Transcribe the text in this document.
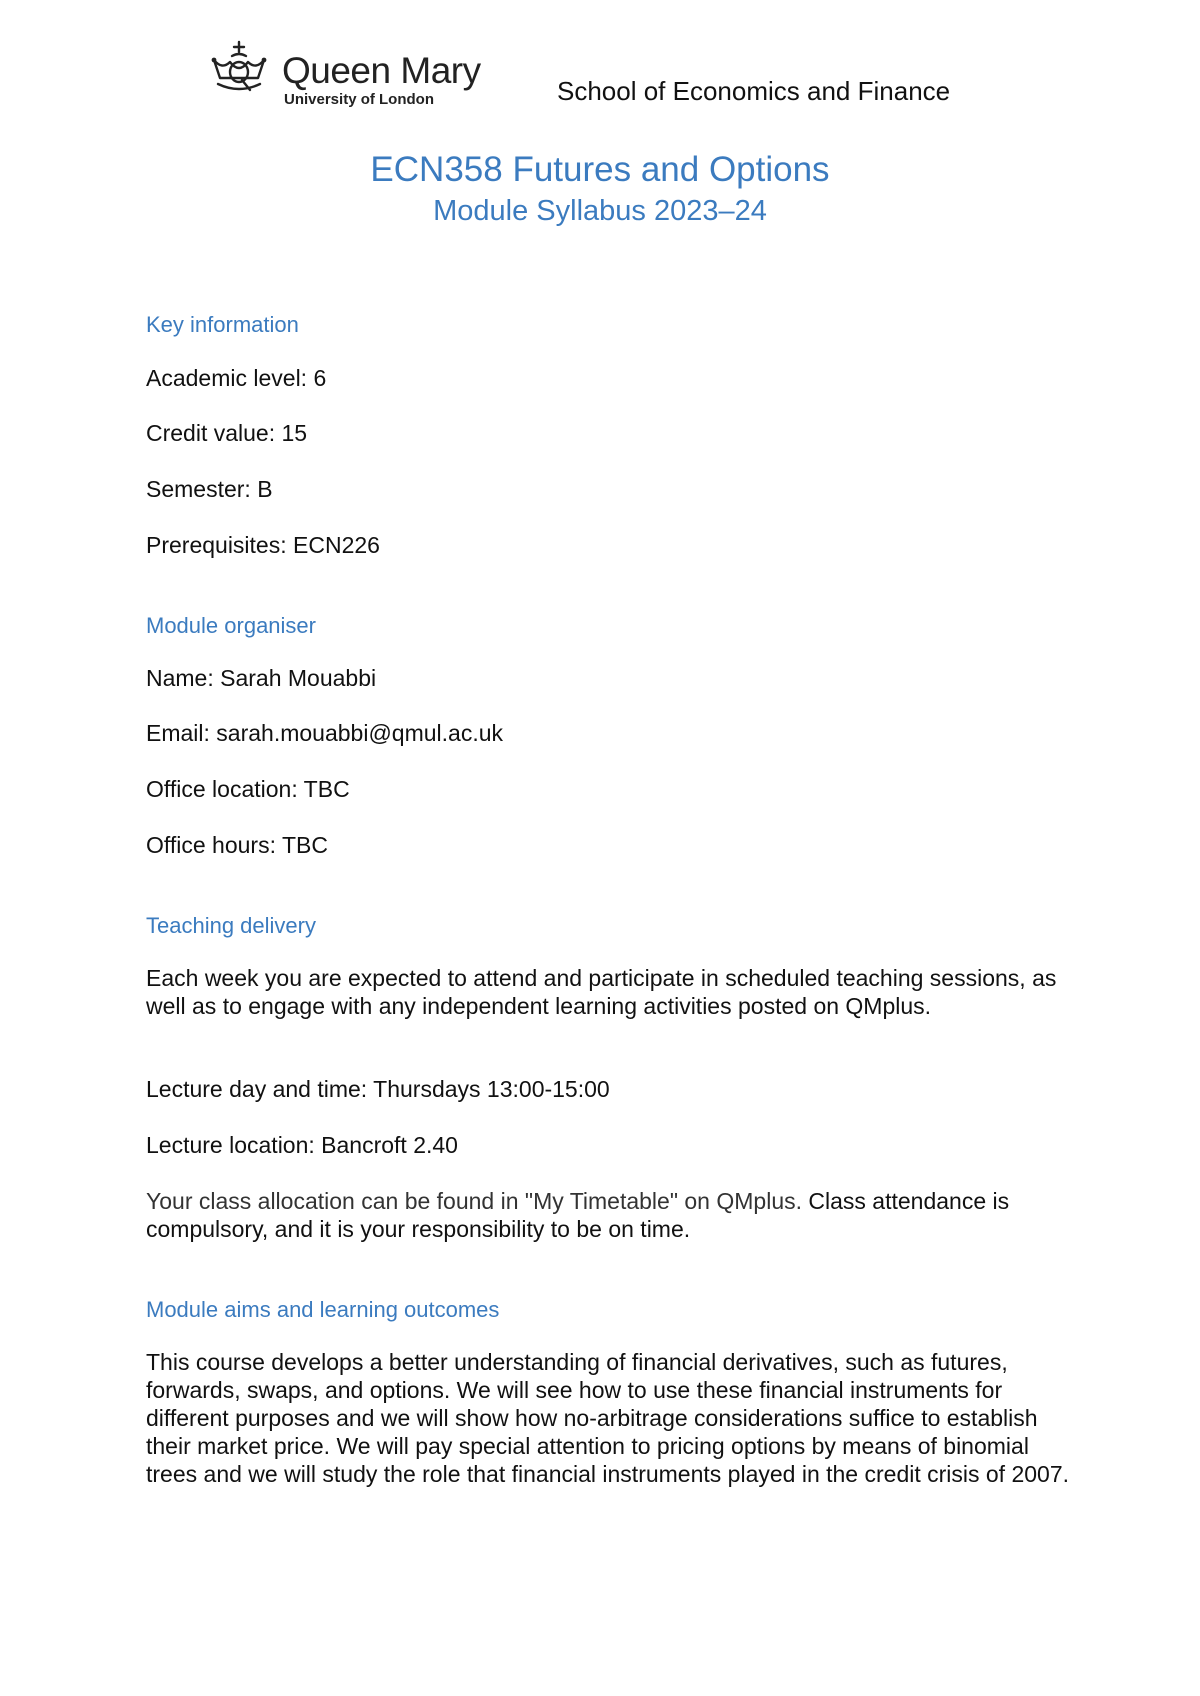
Queen Mary
University of London	School of Economics and Finance
ECN358 Futures and Options
Module Syllabus 2023–24
Key information
Academic level: 6
Credit value: 15
Semester: B
Prerequisites: ECN226
Module organiser
Name: Sarah Mouabbi
Email: sarah.mouabbi@qmul.ac.uk
Office location: TBC
Office hours: TBC
Teaching delivery
Each week you are expected to attend and participate in scheduled teaching sessions, as well as to engage with any independent learning activities posted on QMplus.
Lecture day and time: Thursdays 13:00-15:00
Lecture location: Bancroft 2.40
Your class allocation can be found in "My Timetable" on QMplus. Class attendance is compulsory, and it is your responsibility to be on time.
Module aims and learning outcomes
This course develops a better understanding of financial derivatives, such as futures, forwards, swaps, and options. We will see how to use these financial instruments for different purposes and we will show how no-arbitrage considerations suffice to establish their market price. We will pay special attention to pricing options by means of binomial trees and we will study the role that financial instruments played in the credit crisis of 2007.
